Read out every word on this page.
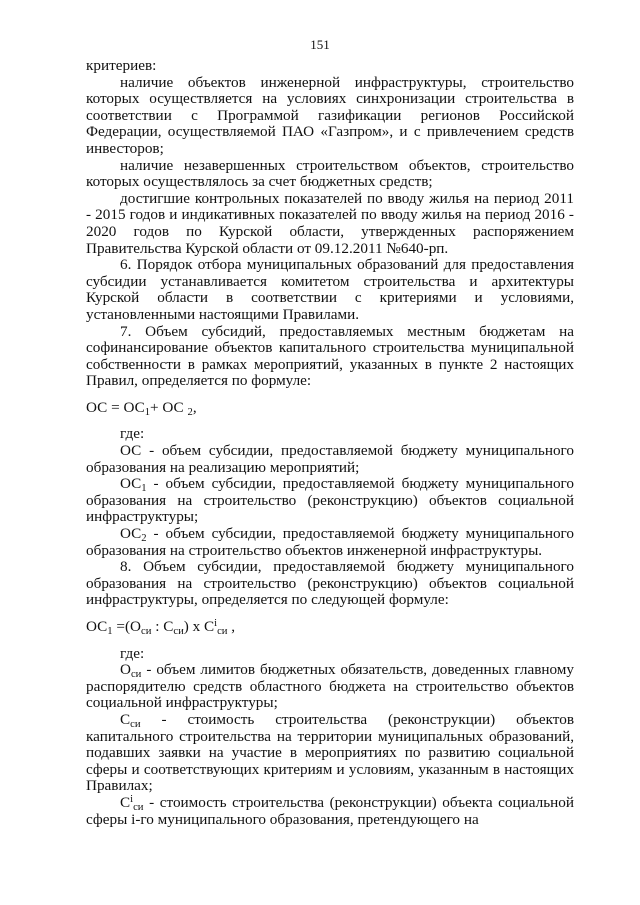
151

критериев:

наличие объектов инженерной инфраструктуры, строительство которых осуществляется на условиях синхронизации строительства в соответствии с Программой газификации регионов Российской Федерации, осуществляемой ПАО «Газпром», и с привлечением средств инвесторов;

наличие незавершенных строительством объектов, строительство которых осуществлялось за счет бюджетных средств;

достигшие контрольных показателей по вводу жилья на период 2011 - 2015 годов и индикативных показателей по вводу жилья на период 2016 - 2020 годов по Курской области, утвержденных распоряжением Правительства Курской области от 09.12.2011 №640-рп.

6. Порядок отбора муниципальных образований для предоставления субсидии устанавливается комитетом строительства и архитектуры Курской области в соответствии с критериями и условиями, установленными настоящими Правилами.

7. Объем субсидий, предоставляемых местным бюджетам на софинансирование объектов капитального строительства муниципальной собственности в рамках мероприятий, указанных в пункте 2 настоящих Правил, определяется по формуле:

ОС = $ОС_1+$ ОС $_2$,

где:

ОС - объем субсидии, предоставляемой бюджету муниципального образования на реализацию мероприятий;

$ОС_1$ - объем субсидии, предоставляемой бюджету муниципального образования на строительство (реконструкцию) объектов социальной инфраструктуры;

$ОС_2$ - объем субсидии, предоставляемой бюджету муниципального образования на строительство объектов инженерной инфраструктуры.

8. Объем субсидии, предоставляемой бюджету муниципального образования на строительство (реконструкцию) объектов социальной инфраструктуры, определяется по следующей формуле:

$ОС_1 =(О_{си}$ : $С_{си}$) х $С^i_{си}$ ,

где:

$О_{си}$ - объем лимитов бюджетных обязательств, доведенных главному распорядителю средств областного бюджета на строительство объектов социальной инфраструктуры;

$С_{си}$ - стоимость строительства (реконструкции) объектов капитального строительства на территории муниципальных образований, подавших заявки на участие в мероприятиях по развитию социальной сферы и соответствующих критериям и условиям, указанным в настоящих Правилах;

$С^i_{си}$ - стоимость строительства (реконструкции) объекта социальной сферы i-го муниципального образования, претендующего на
